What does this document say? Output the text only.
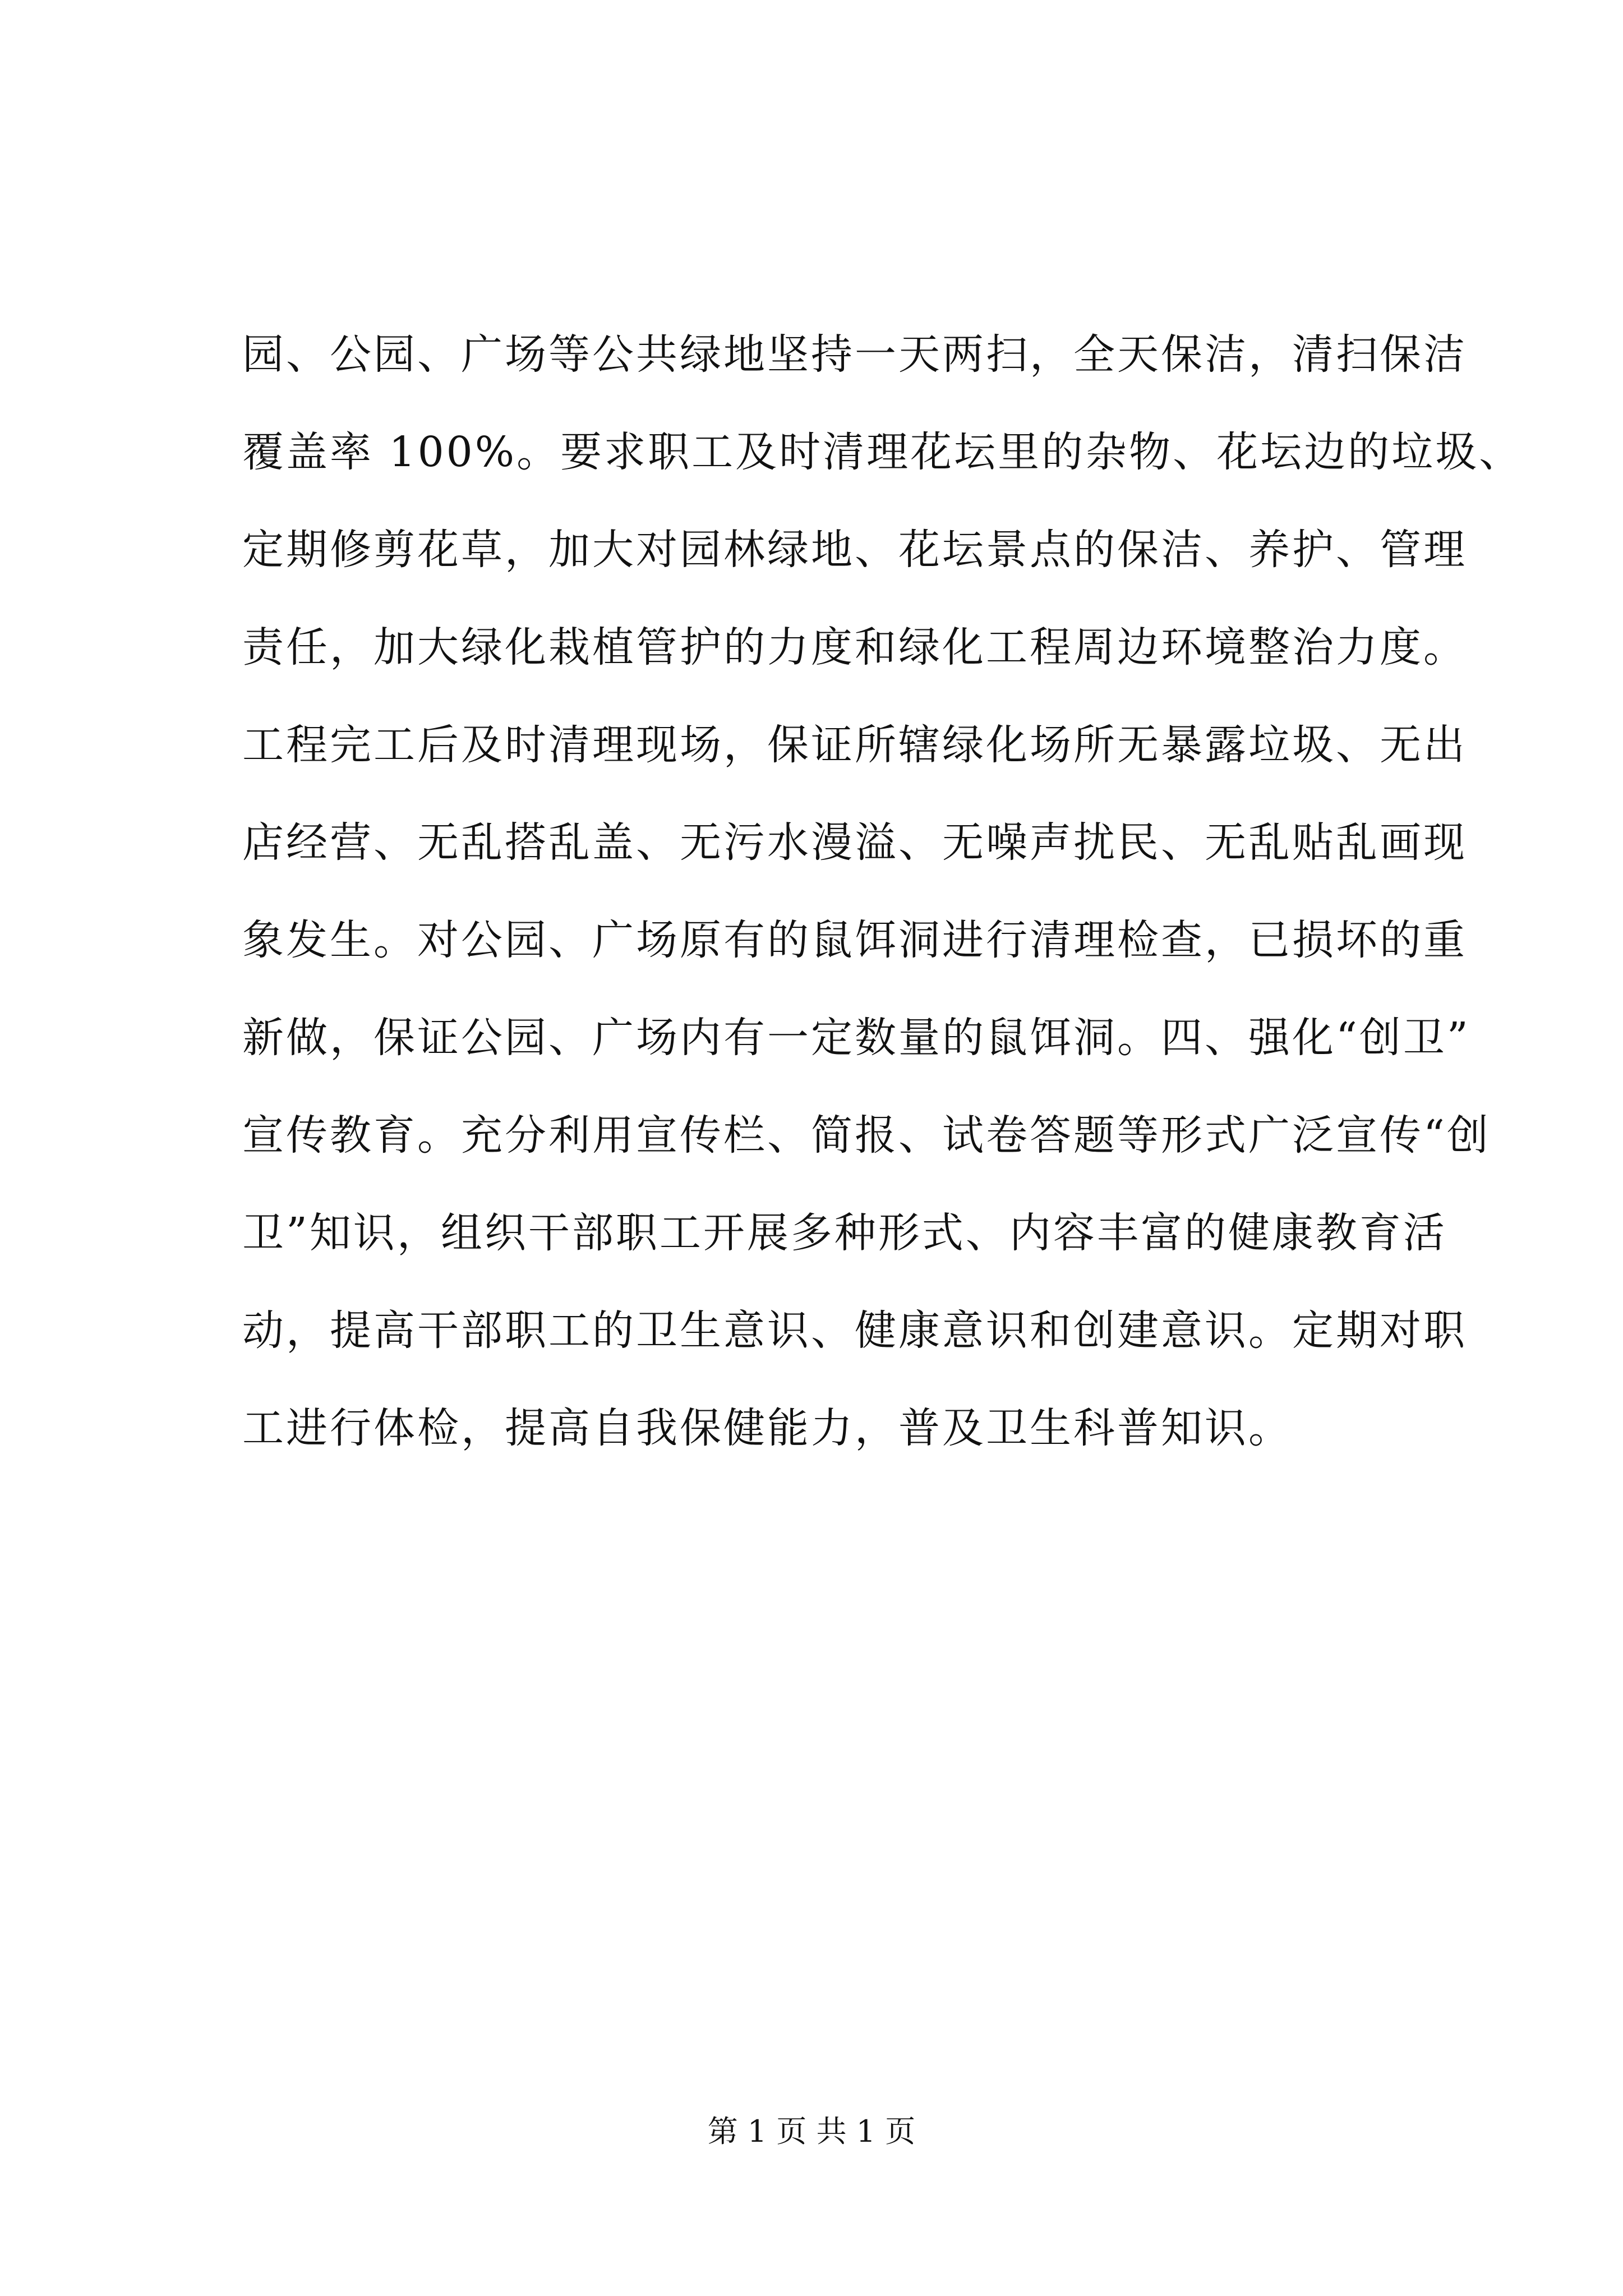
园、公园、广场等公共绿地坚持一天两扫，全天保洁，清扫保洁
覆盖率 100%。要求职工及时清理花坛里的杂物、花坛边的垃圾、
定期修剪花草，加大对园林绿地、花坛景点的保洁、养护、管理
责任，加大绿化栽植管护的力度和绿化工程周边环境整治力度。
工程完工后及时清理现场，保证所辖绿化场所无暴露垃圾、无出
店经营、无乱搭乱盖、无污水漫溢、无噪声扰民、无乱贴乱画现
象发生。对公园、广场原有的鼠饵洞进行清理检查，已损坏的重
新做，保证公园、广场内有一定数量的鼠饵洞。四、强化“创卫”
宣传教育。充分利用宣传栏、简报、试卷答题等形式广泛宣传“创
卫”知识，组织干部职工开展多种形式、内容丰富的健康教育活
动，提高干部职工的卫生意识、健康意识和创建意识。定期对职
工进行体检，提高自我保健能力，普及卫生科普知识。
第 1 页 共 1 页
